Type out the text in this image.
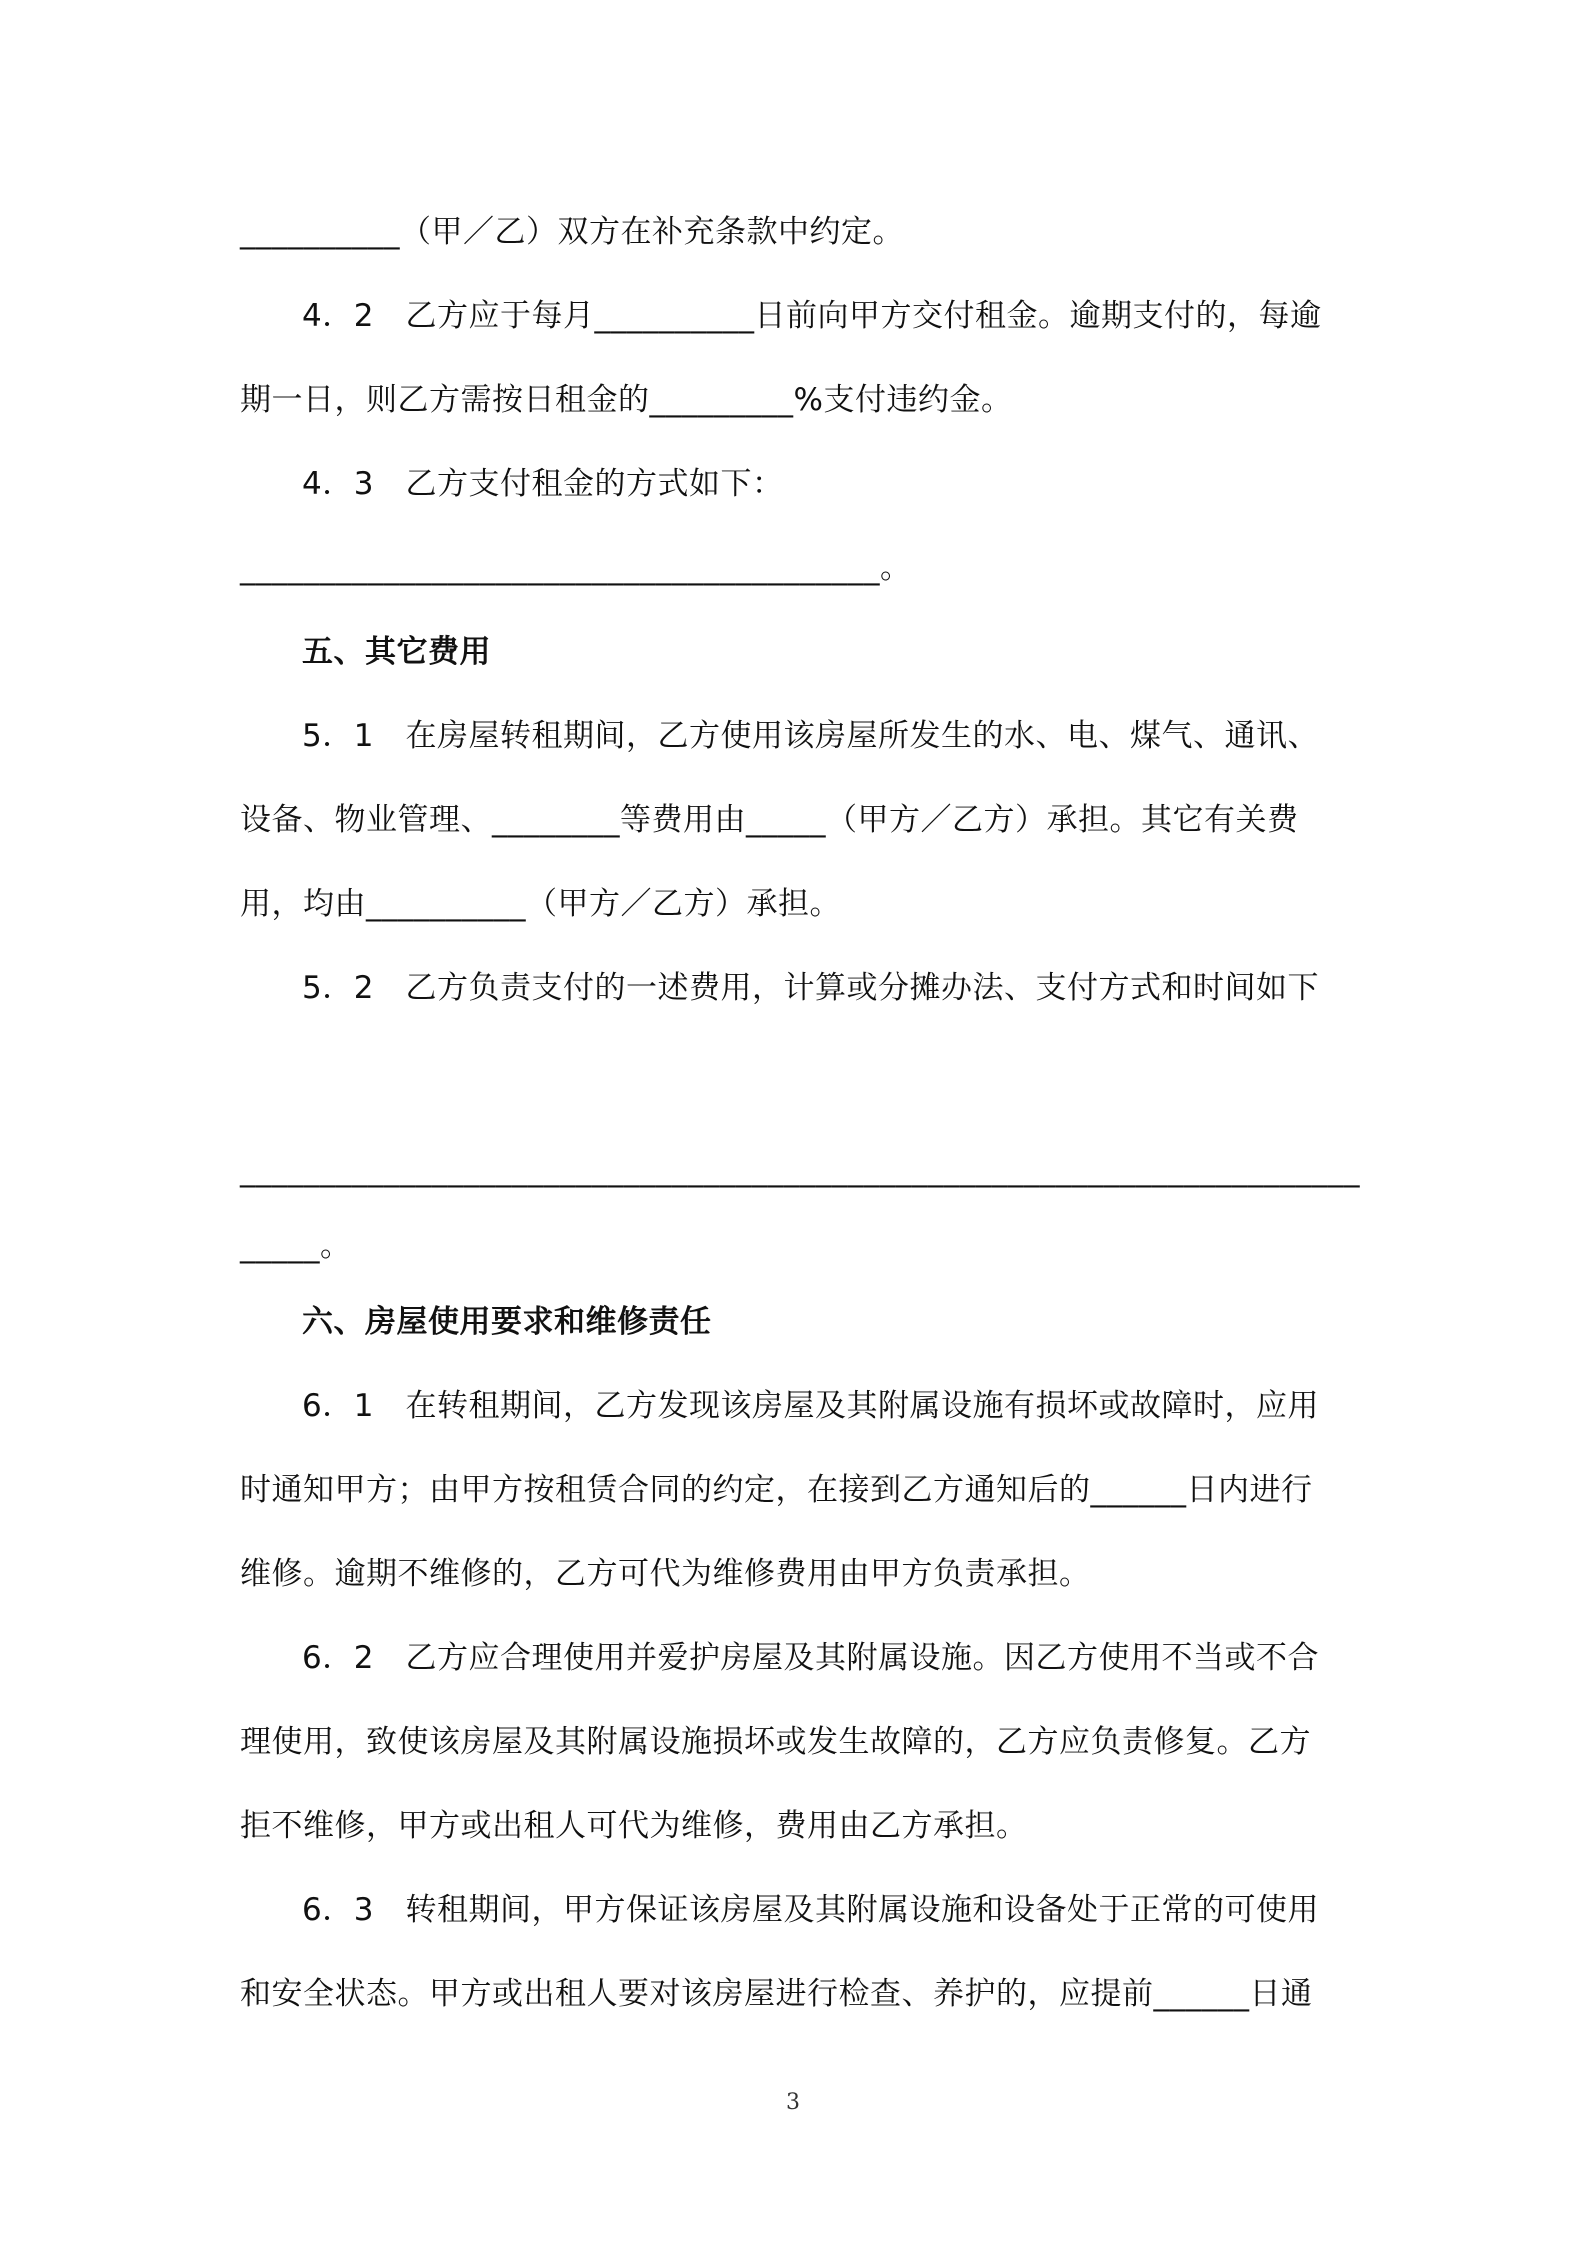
__________（甲／乙）双方在补充条款中约定。
4．2　乙方应于每月__________日前向甲方交付租金。逾期支付的，每逾
期一日，则乙方需按日租金的_________%支付违约金。
4．3　乙方支付租金的方式如下：
________________________________________。
五、其它费用
5．1　在房屋转租期间，乙方使用该房屋所发生的水、电、煤气、通讯、
设备、物业管理、________等费用由_____（甲方／乙方）承担。其它有关费
用，均由__________（甲方／乙方）承担。
5．2　乙方负责支付的一述费用，计算或分摊办法、支付方式和时间如下
______________________________________________________________________
_____。
六、房屋使用要求和维修责任
6．1　在转租期间，乙方发现该房屋及其附属设施有损坏或故障时，应用
时通知甲方；由甲方按租赁合同的约定，在接到乙方通知后的______日内进行
维修。逾期不维修的，乙方可代为维修费用由甲方负责承担。
6．2　乙方应合理使用并爱护房屋及其附属设施。因乙方使用不当或不合
理使用，致使该房屋及其附属设施损坏或发生故障的，乙方应负责修复。乙方
拒不维修，甲方或出租人可代为维修，费用由乙方承担。
6．3　转租期间，甲方保证该房屋及其附属设施和设备处于正常的可使用
和安全状态。甲方或出租人要对该房屋进行检查、养护的，应提前______日通
3
